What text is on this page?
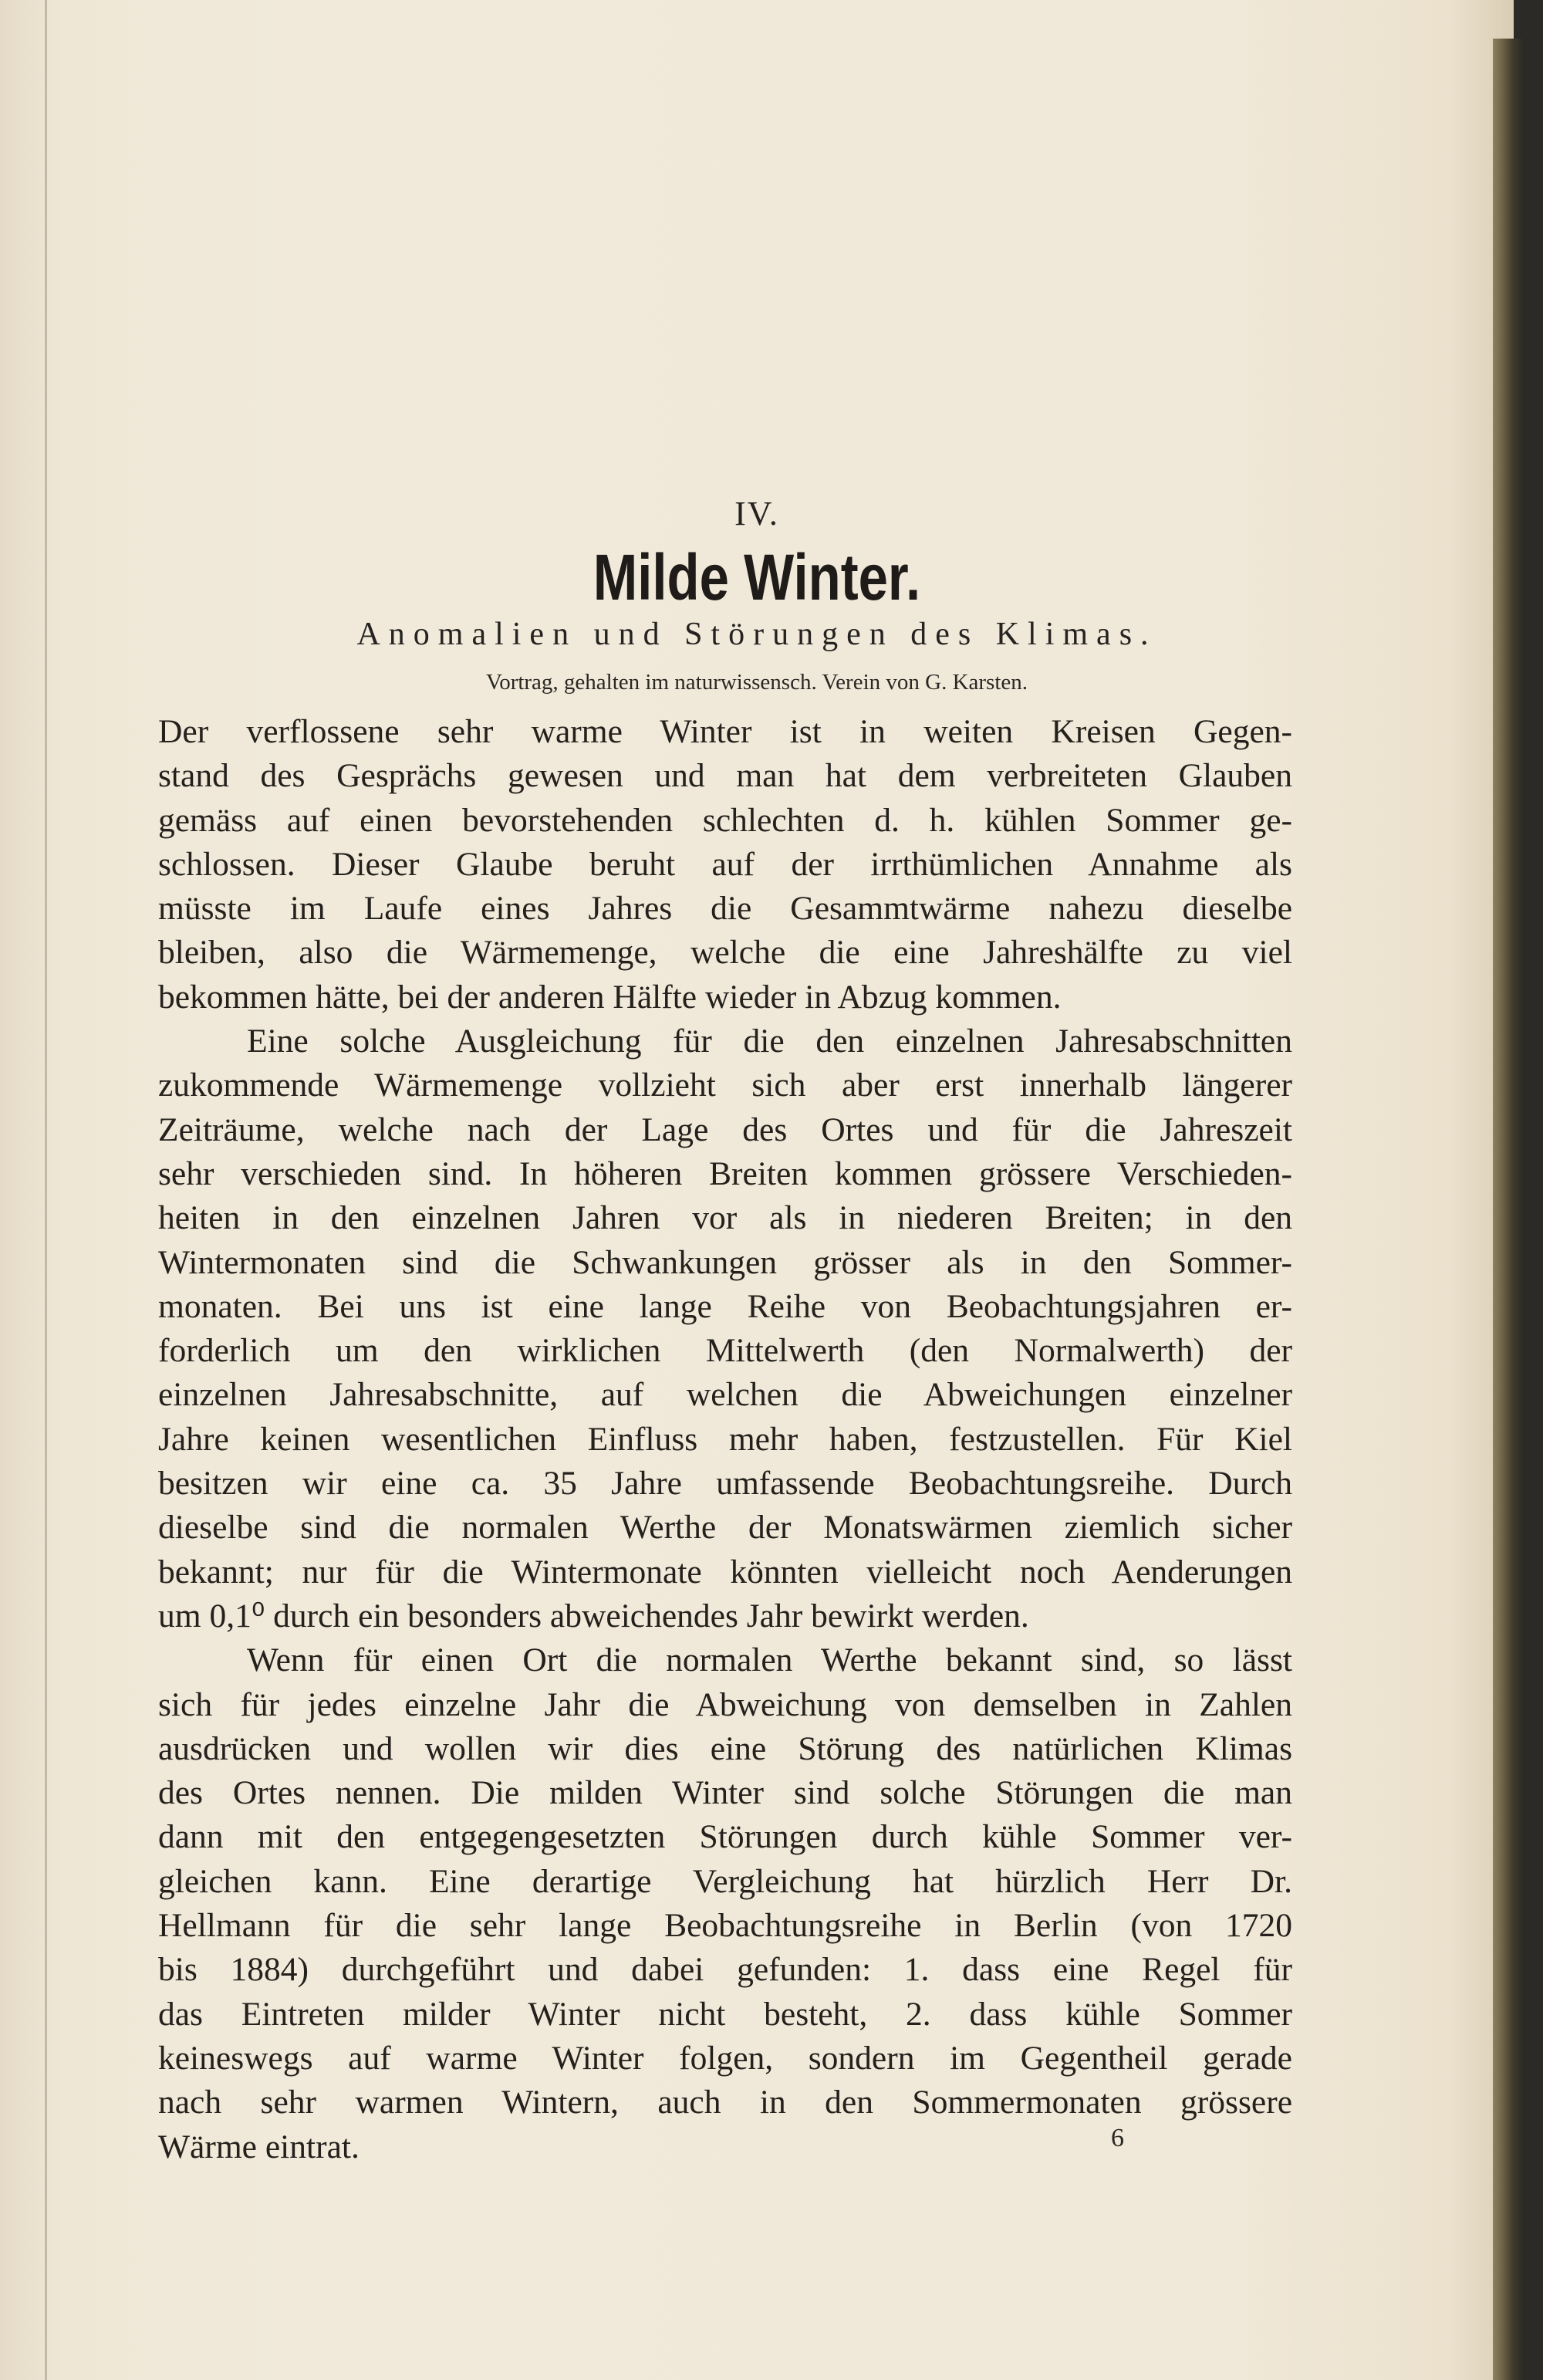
IV.
Milde Winter.
Anomalien und Störungen des Klimas.
Vortrag, gehalten im naturwissensch. Verein von G. Karsten.
Der verflossene sehr warme Winter ist in weiten Kreisen Gegen-
stand des Gesprächs gewesen und man hat dem verbreiteten Glauben
gemäss auf einen bevorstehenden schlechten d. h. kühlen Sommer ge-
schlossen. Dieser Glaube beruht auf der irrthümlichen Annahme als
müsste im Laufe eines Jahres die Gesammtwärme nahezu dieselbe
bleiben, also die Wärmemenge, welche die eine Jahreshälfte zu viel
bekommen hätte, bei der anderen Hälfte wieder in Abzug kommen.
Eine solche Ausgleichung für die den einzelnen Jahresabschnitten
zukommende Wärmemenge vollzieht sich aber erst innerhalb längerer
Zeiträume, welche nach der Lage des Ortes und für die Jahreszeit
sehr verschieden sind. In höheren Breiten kommen grössere Verschieden-
heiten in den einzelnen Jahren vor als in niederen Breiten; in den
Wintermonaten sind die Schwankungen grösser als in den Sommer-
monaten. Bei uns ist eine lange Reihe von Beobachtungsjahren er-
forderlich um den wirklichen Mittelwerth (den Normalwerth) der
einzelnen Jahresabschnitte, auf welchen die Abweichungen einzelner
Jahre keinen wesentlichen Einfluss mehr haben, festzustellen. Für Kiel
besitzen wir eine ca. 35 Jahre umfassende Beobachtungsreihe. Durch
dieselbe sind die normalen Werthe der Monatswärmen ziemlich sicher
bekannt; nur für die Wintermonate könnten vielleicht noch Aenderungen
um 0,1⁰ durch ein besonders abweichendes Jahr bewirkt werden.
Wenn für einen Ort die normalen Werthe bekannt sind, so lässt
sich für jedes einzelne Jahr die Abweichung von demselben in Zahlen
ausdrücken und wollen wir dies eine Störung des natürlichen Klimas
des Ortes nennen. Die milden Winter sind solche Störungen die man
dann mit den entgegengesetzten Störungen durch kühle Sommer ver-
gleichen kann. Eine derartige Vergleichung hat hürzlich Herr Dr.
Hellmann für die sehr lange Beobachtungsreihe in Berlin (von 1720
bis 1884) durchgeführt und dabei gefunden: 1. dass eine Regel für
das Eintreten milder Winter nicht besteht, 2. dass kühle Sommer
keineswegs auf warme Winter folgen, sondern im Gegentheil gerade
nach sehr warmen Wintern, auch in den Sommermonaten grössere
Wärme eintrat.	6
